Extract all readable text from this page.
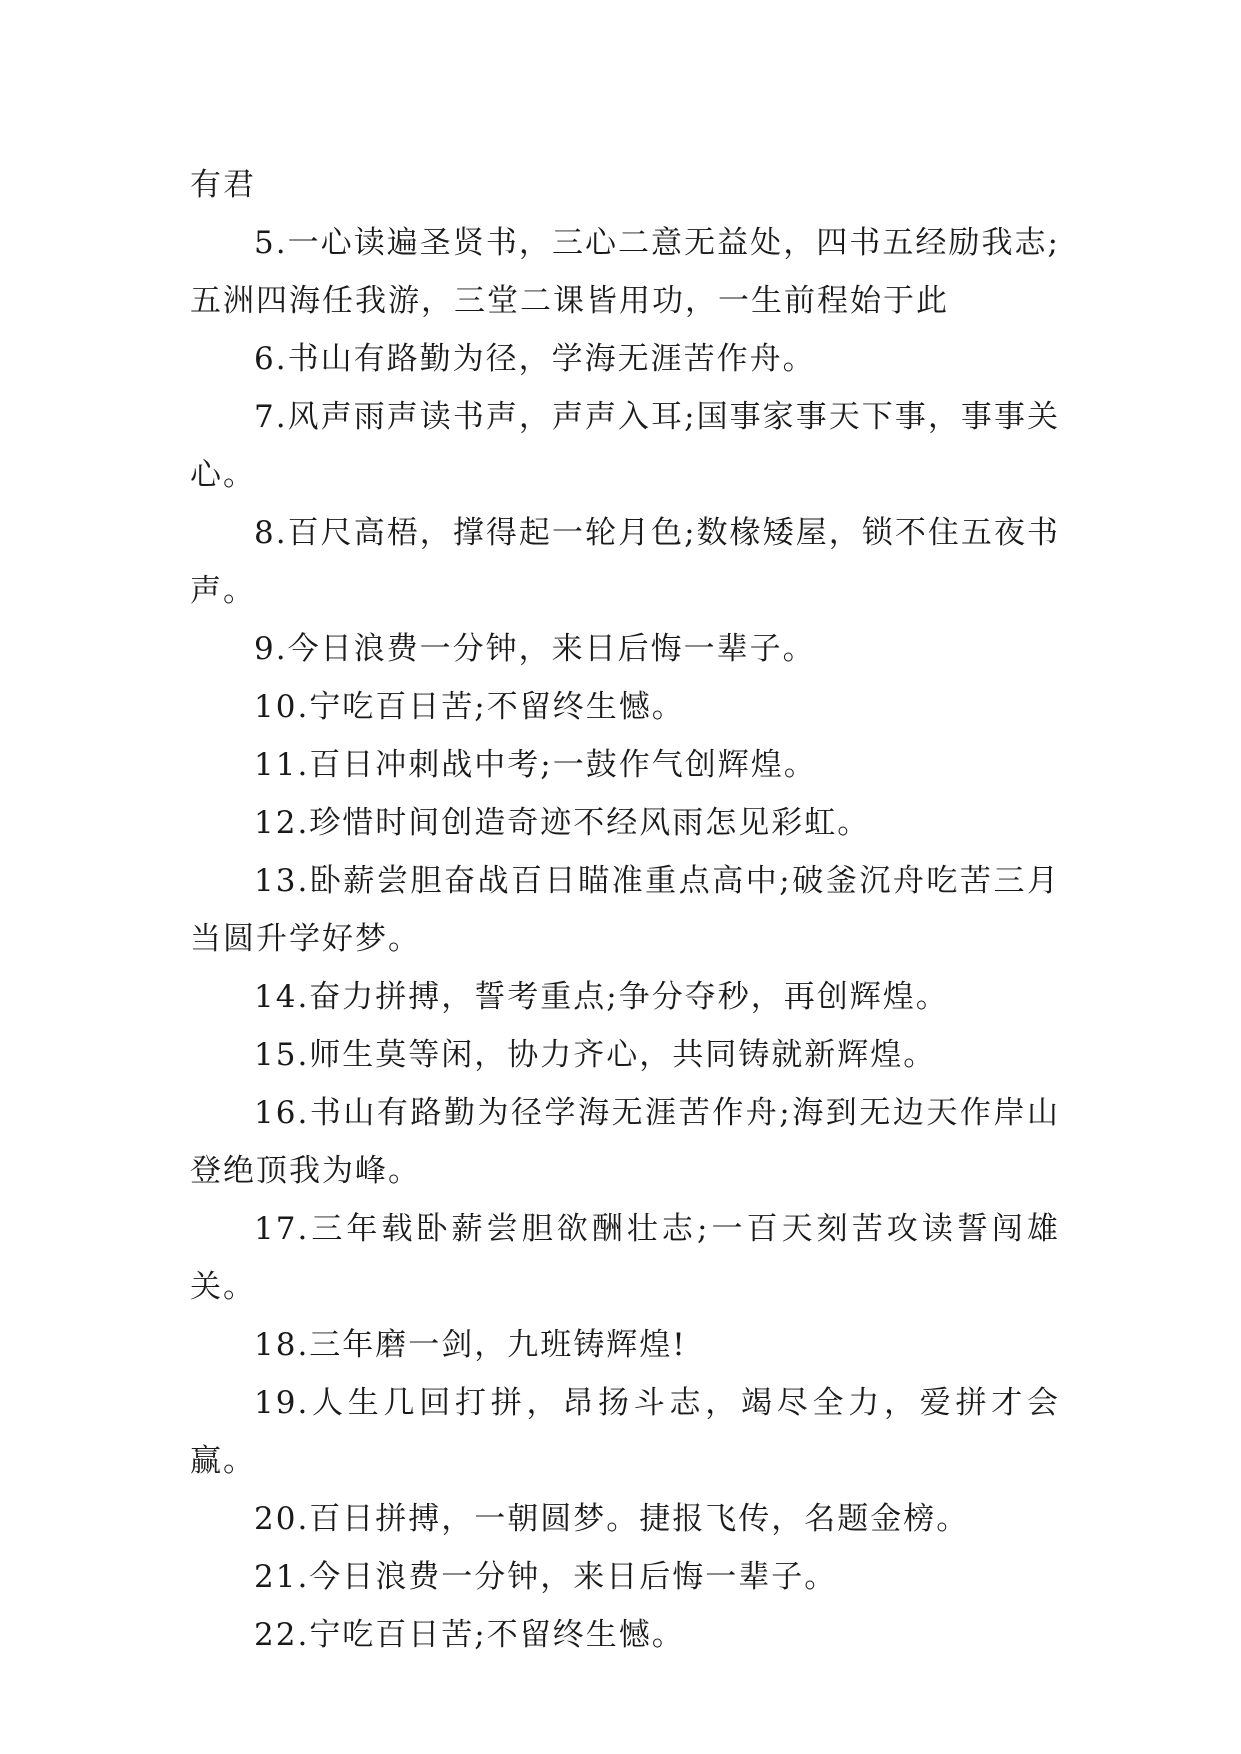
有君

5.一心读遍圣贤书，三心二意无益处，四书五经励我志;五洲四海任我游，三堂二课皆用功，一生前程始于此

6.书山有路勤为径，学海无涯苦作舟。

7.风声雨声读书声，声声入耳;国事家事天下事，事事关心。

8.百尺高梧，撑得起一轮月色;数椽矮屋，锁不住五夜书声。

9.今日浪费一分钟，来日后悔一辈子。

10.宁吃百日苦;不留终生憾。

11.百日冲刺战中考;一鼓作气创辉煌。

12.珍惜时间创造奇迹不经风雨怎见彩虹。

13.卧薪尝胆奋战百日瞄准重点高中;破釜沉舟吃苦三月当圆升学好梦。

14.奋力拼搏，誓考重点;争分夺秒，再创辉煌。

15.师生莫等闲，协力齐心，共同铸就新辉煌。

16.书山有路勤为径学海无涯苦作舟;海到无边天作岸山登绝顶我为峰。

17.三年载卧薪尝胆欲酬壮志;一百天刻苦攻读誓闯雄关。

18.三年磨一剑，九班铸辉煌!

19.人生几回打拼，昂扬斗志，竭尽全力，爱拼才会赢。

20.百日拼搏，一朝圆梦。捷报飞传，名题金榜。

21.今日浪费一分钟，来日后悔一辈子。

22.宁吃百日苦;不留终生憾。
